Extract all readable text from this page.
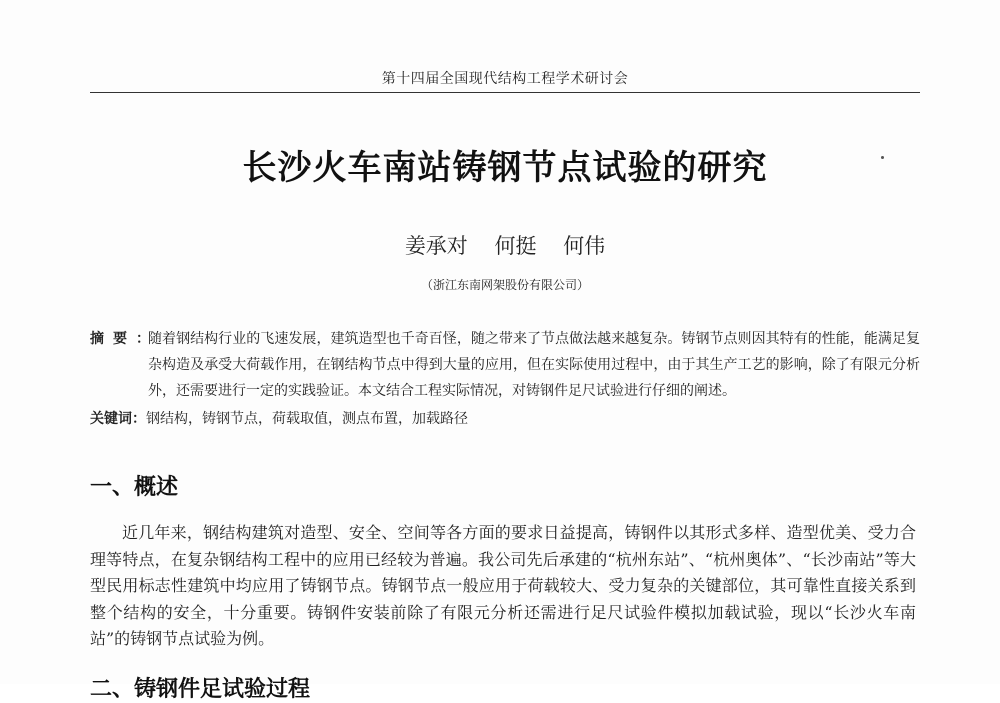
第十四届全国现代结构工程学术研讨会
长沙火车南站铸钢节点试验的研究
姜承对 何挺 何伟
（浙江东南网架股份有限公司）
摘要：
随着钢结构行业的飞速发展，建筑造型也千奇百怪，随之带来了节点做法越来越复杂。铸钢节点则因其特有的性能，能满足复杂构造及承受大荷载作用，在钢结构节点中得到大量的应用，但在实际使用过程中，由于其生产工艺的影响，除了有限元分析外，还需要进行一定的实践验证。本文结合工程实际情况，对铸钢件足尺试验进行仔细的阐述。
关键词：钢结构，铸钢节点，荷载取值，测点布置，加载路径
一、概述
近几年来，钢结构建筑对造型、安全、空间等各方面的要求日益提高，铸钢件以其形式多样、造型优美、受力合理等特点，在复杂钢结构工程中的应用已经较为普遍。我公司先后承建的“杭州东站”、“杭州奥体”、“长沙南站”等大型民用标志性建筑中均应用了铸钢节点。铸钢节点一般应用于荷载较大、受力复杂的关键部位，其可靠性直接关系到整个结构的安全，十分重要。铸钢件安装前除了有限元分析还需进行足尺试验件模拟加载试验，现以“长沙火车南站”的铸钢节点试验为例。
二、铸钢件足试验过程
